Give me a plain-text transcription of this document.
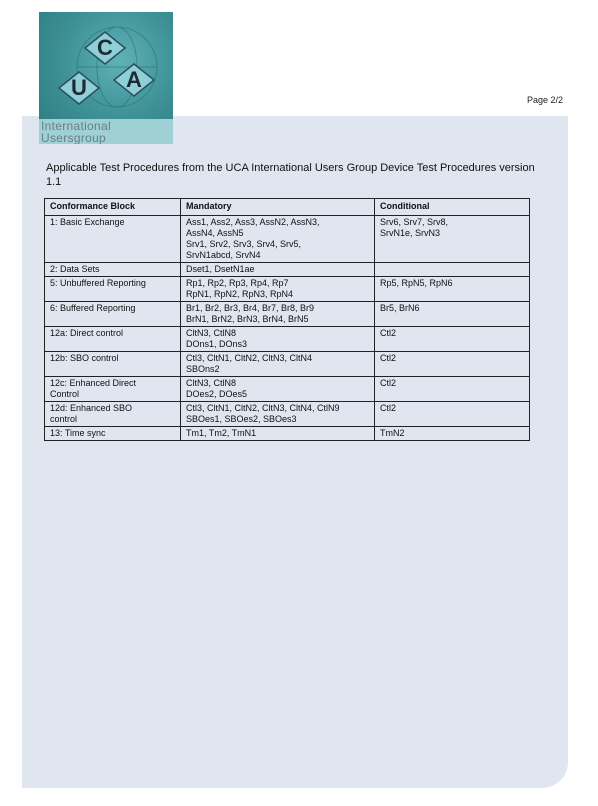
C
U	A
International
Usersgroup
Page 2/2
Applicable Test Procedures from the UCA International Users Group Device Test Procedures version 1.1
Conformance Block	Mandatory	Conditional

1: Basic Exchange	Ass1, Ass2, Ass3, AssN2, AssN3,
AssN4, AssN5
Srv1, Srv2, Srv3, Srv4, Srv5,
SrvN1abcd, SrvN4	Srv6, Srv7, Srv8,
SrvN1e, SrvN3

2: Data Sets	Dset1, DsetN1ae	

5: Unbuffered Reporting	Rp1, Rp2, Rp3, Rp4, Rp7
RpN1, RpN2, RpN3, RpN4	Rp5, RpN5, RpN6

6: Buffered Reporting	Br1, Br2, Br3, Br4, Br7, Br8, Br9
BrN1, BrN2, BrN3, BrN4, BrN5	Br5, BrN6

12a: Direct control	CltN3, CtlN8
DOns1, DOns3	Ctl2

12b: SBO control	Ctl3, CltN1, CltN2, CltN3, CltN4
SBOns2	Ctl2

12c: Enhanced Direct
Control	CltN3, CtlN8
DOes2, DOes5	Ctl2

12d: Enhanced SBO
control	Ctl3, CltN1, CltN2, CltN3, CltN4, CtlN9
SBOes1, SBOes2, SBOes3	Ctl2

13: Time sync	Tm1, Tm2, TmN1	TmN2
